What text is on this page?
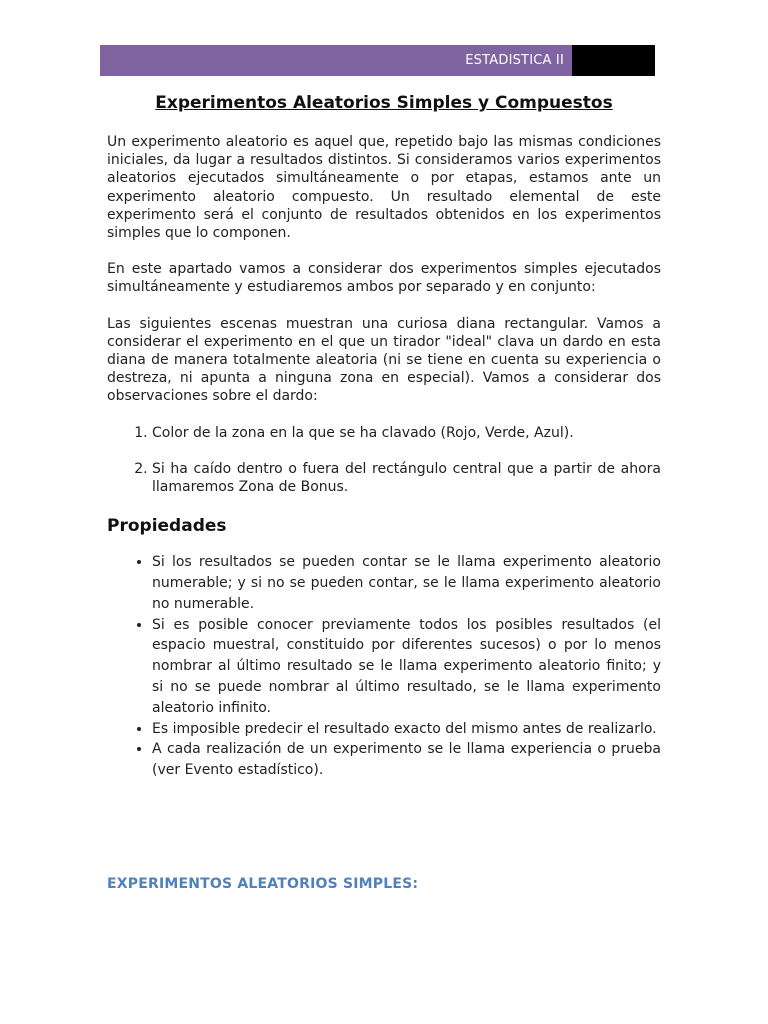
ESTADISTICA II
Experimentos Aleatorios Simples y Compuestos

Un experimento aleatorio es aquel que, repetido bajo las mismas condiciones iniciales, da lugar a resultados distintos. Si consideramos varios experimentos aleatorios ejecutados simultáneamente o por etapas, estamos ante un experimento aleatorio compuesto. Un resultado elemental de este experimento será el conjunto de resultados obtenidos en los experimentos simples que lo componen.

En este apartado vamos a considerar dos experimentos simples ejecutados simultáneamente y estudiaremos ambos por separado y en conjunto:

Las siguientes escenas muestran una curiosa diana rectangular. Vamos a considerar el experimento en el que un tirador "ideal" clava un dardo en esta diana de manera totalmente aleatoria (ni se tiene en cuenta su experiencia o destreza, ni apunta a ninguna zona en especial). Vamos a considerar dos observaciones sobre el dardo:

1. Color de la zona en la que se ha clavado (Rojo, Verde, Azul).
2. Si ha caído dentro o fuera del rectángulo central que a partir de ahora llamaremos Zona de Bonus.
Propiedades
• Si los resultados se pueden contar se le llama experimento aleatorio numerable; y si no se pueden contar, se le llama experimento aleatorio no numerable.
• Si es posible conocer previamente todos los posibles resultados (el espacio muestral, constituido por diferentes sucesos) o por lo menos nombrar al último resultado se le llama experimento aleatorio finito; y si no se puede nombrar al último resultado, se le llama experimento aleatorio infinito.
• Es imposible predecir el resultado exacto del mismo antes de realizarlo.
• A cada realización de un experimento se le llama experiencia o prueba (ver Evento estadístico).
EXPERIMENTOS ALEATORIOS SIMPLES:
